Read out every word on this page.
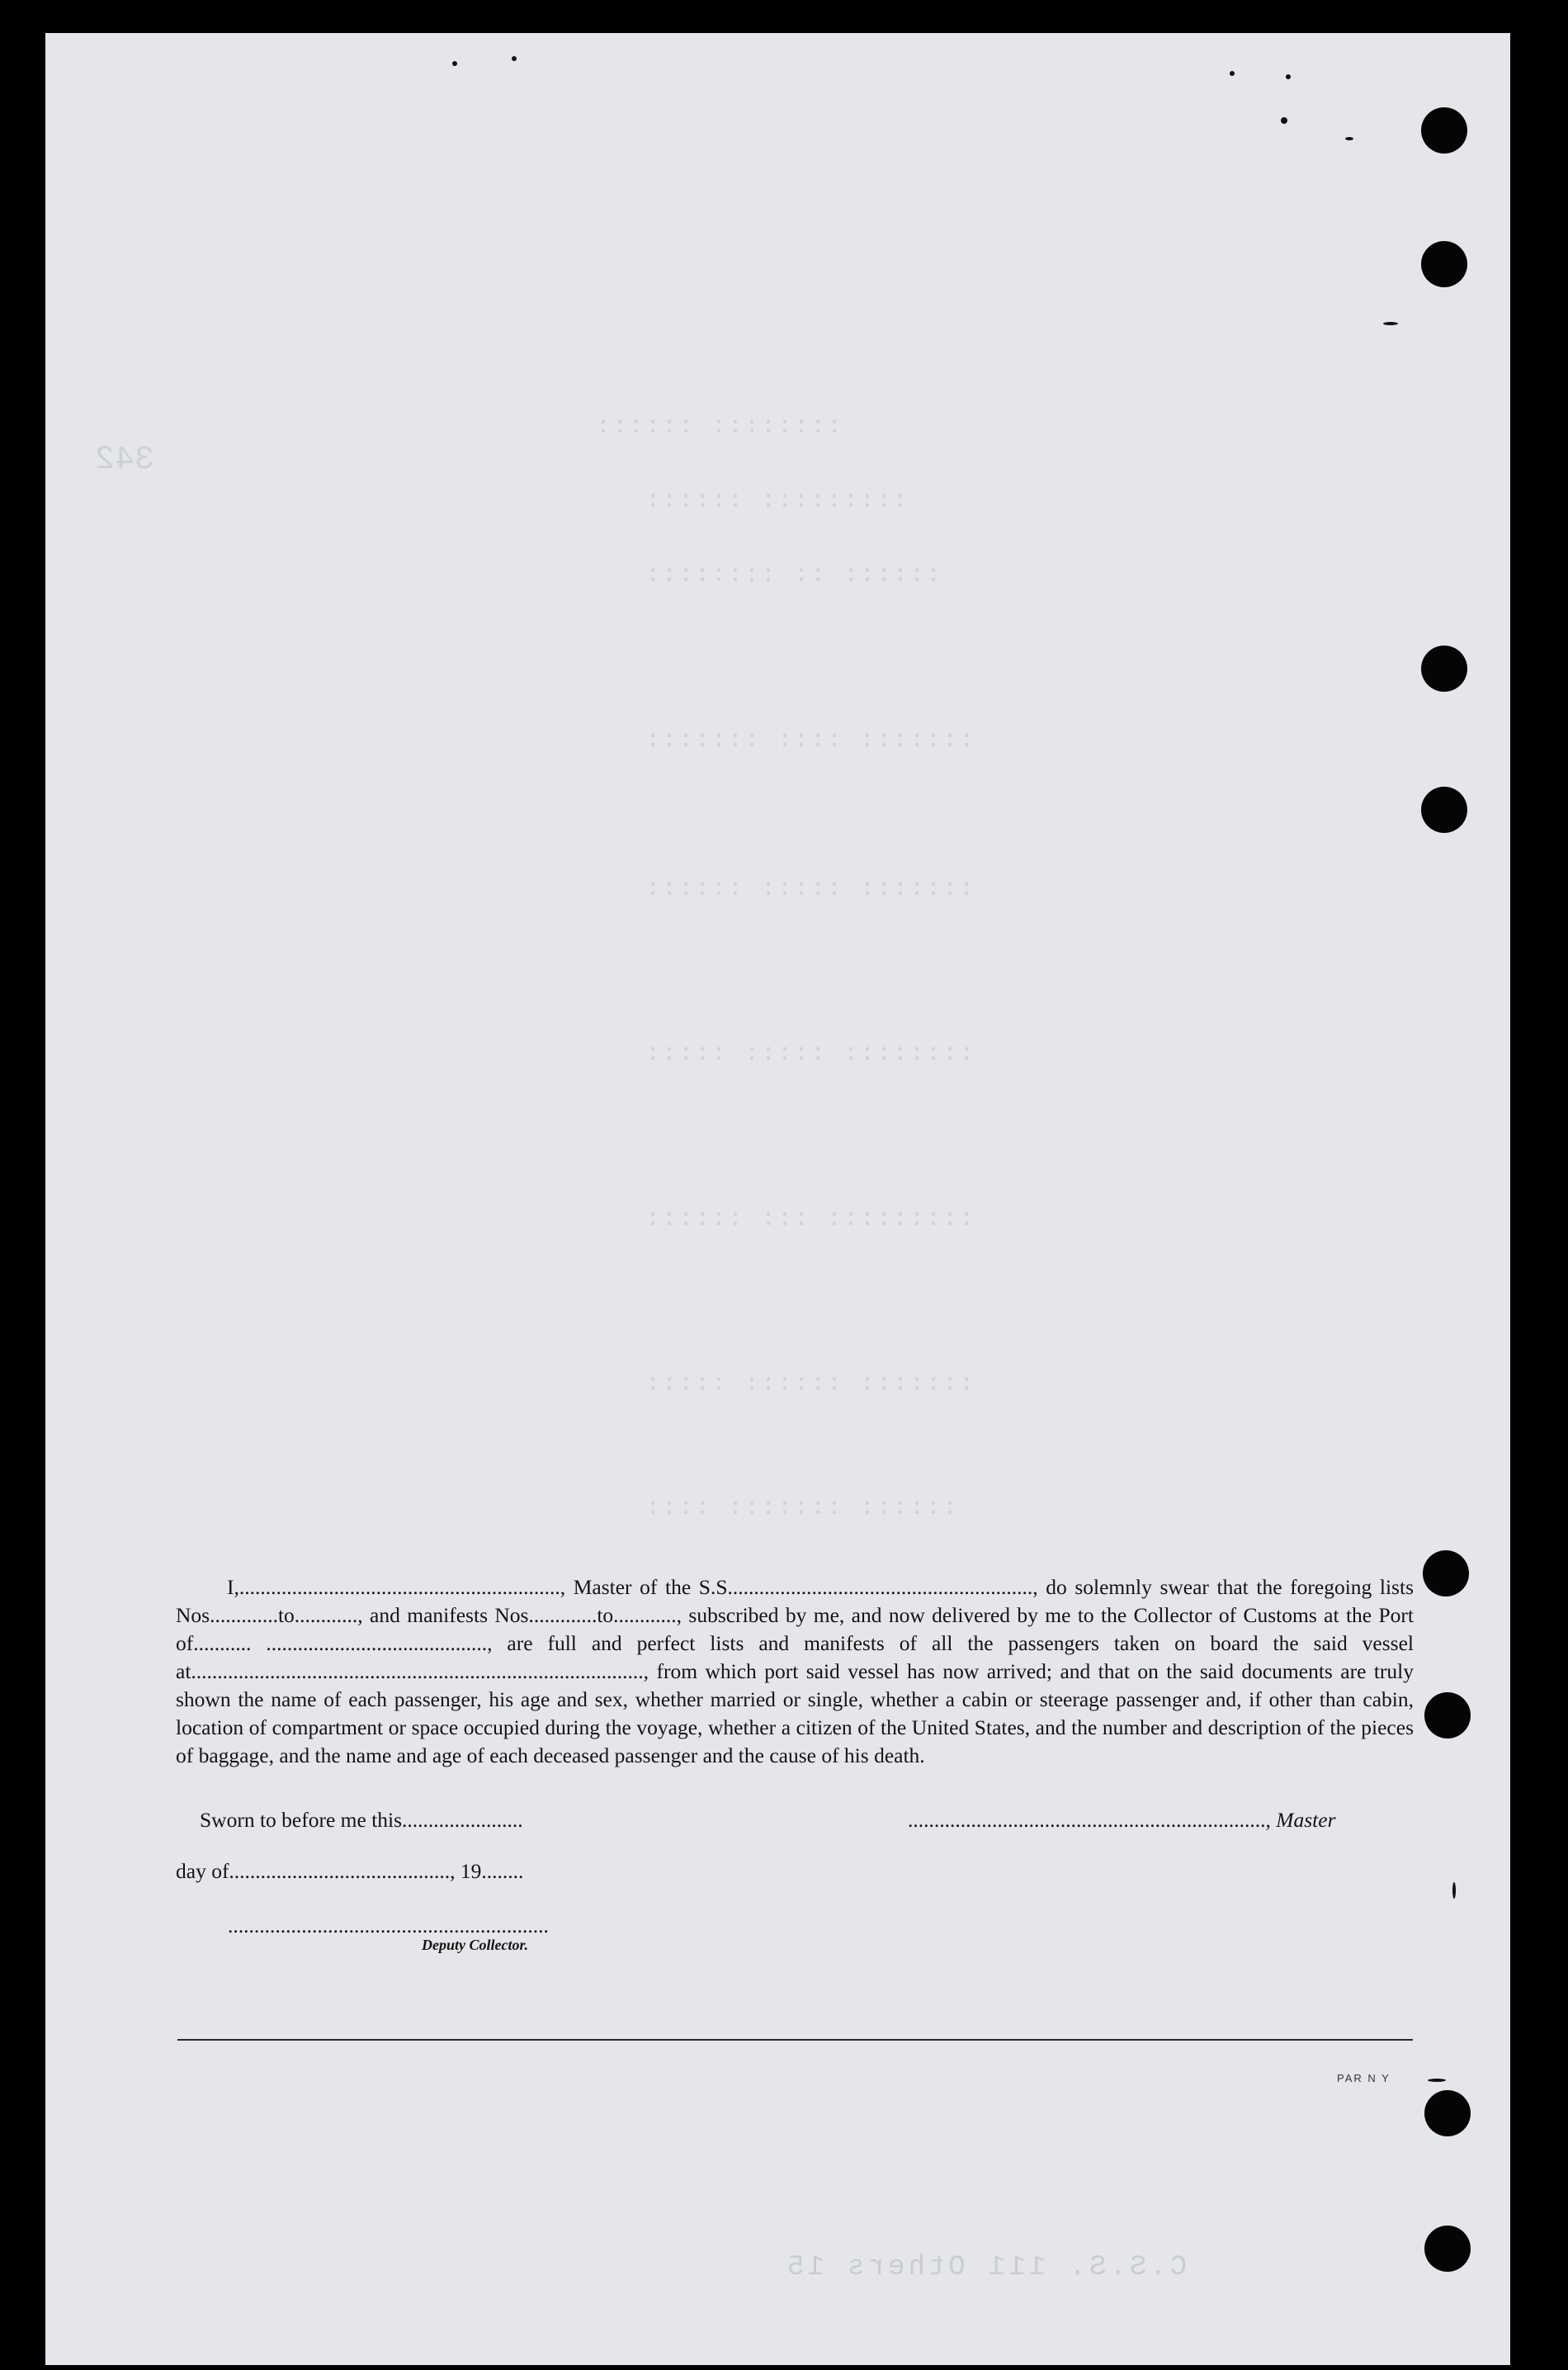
342
:::::::: ::::::
::::::::: ::::::
:::::: :: ::::::::
::::::: :::: :::::::
::::::: ::::: ::::::
:::::::: ::::: :::::
::::::::: ::: ::::::
::::::: :::::: :::::
:::::: ::::::: ::::

I,............................................................., Master of the S.S.........................................................., do solemnly swear that the foregoing lists Nos.............to............, and manifests Nos.............to............, subscribed by me, and now delivered by me to the Collector of Customs at the Port of........... .........................................., are full and perfect lists and manifests of all the passengers taken on board the said vessel at......................................................................................, from which port said vessel has now arrived; and that on the said documents are truly shown the name of each passenger, his age and sex, whether married or single, whether a cabin or steerage passenger and, if other than cabin, location of compartment or space occupied during the voyage, whether a citizen of the United States, and the number and description of the pieces of baggage, and the name and age of each deceased passenger and the cause of his death.

Sworn to before me this.......................	...................................................................., Master
day of.........................................., 19........
.............................................................
Deputy Collector.
PAR N Y
C.S.S. 111 Others 15
